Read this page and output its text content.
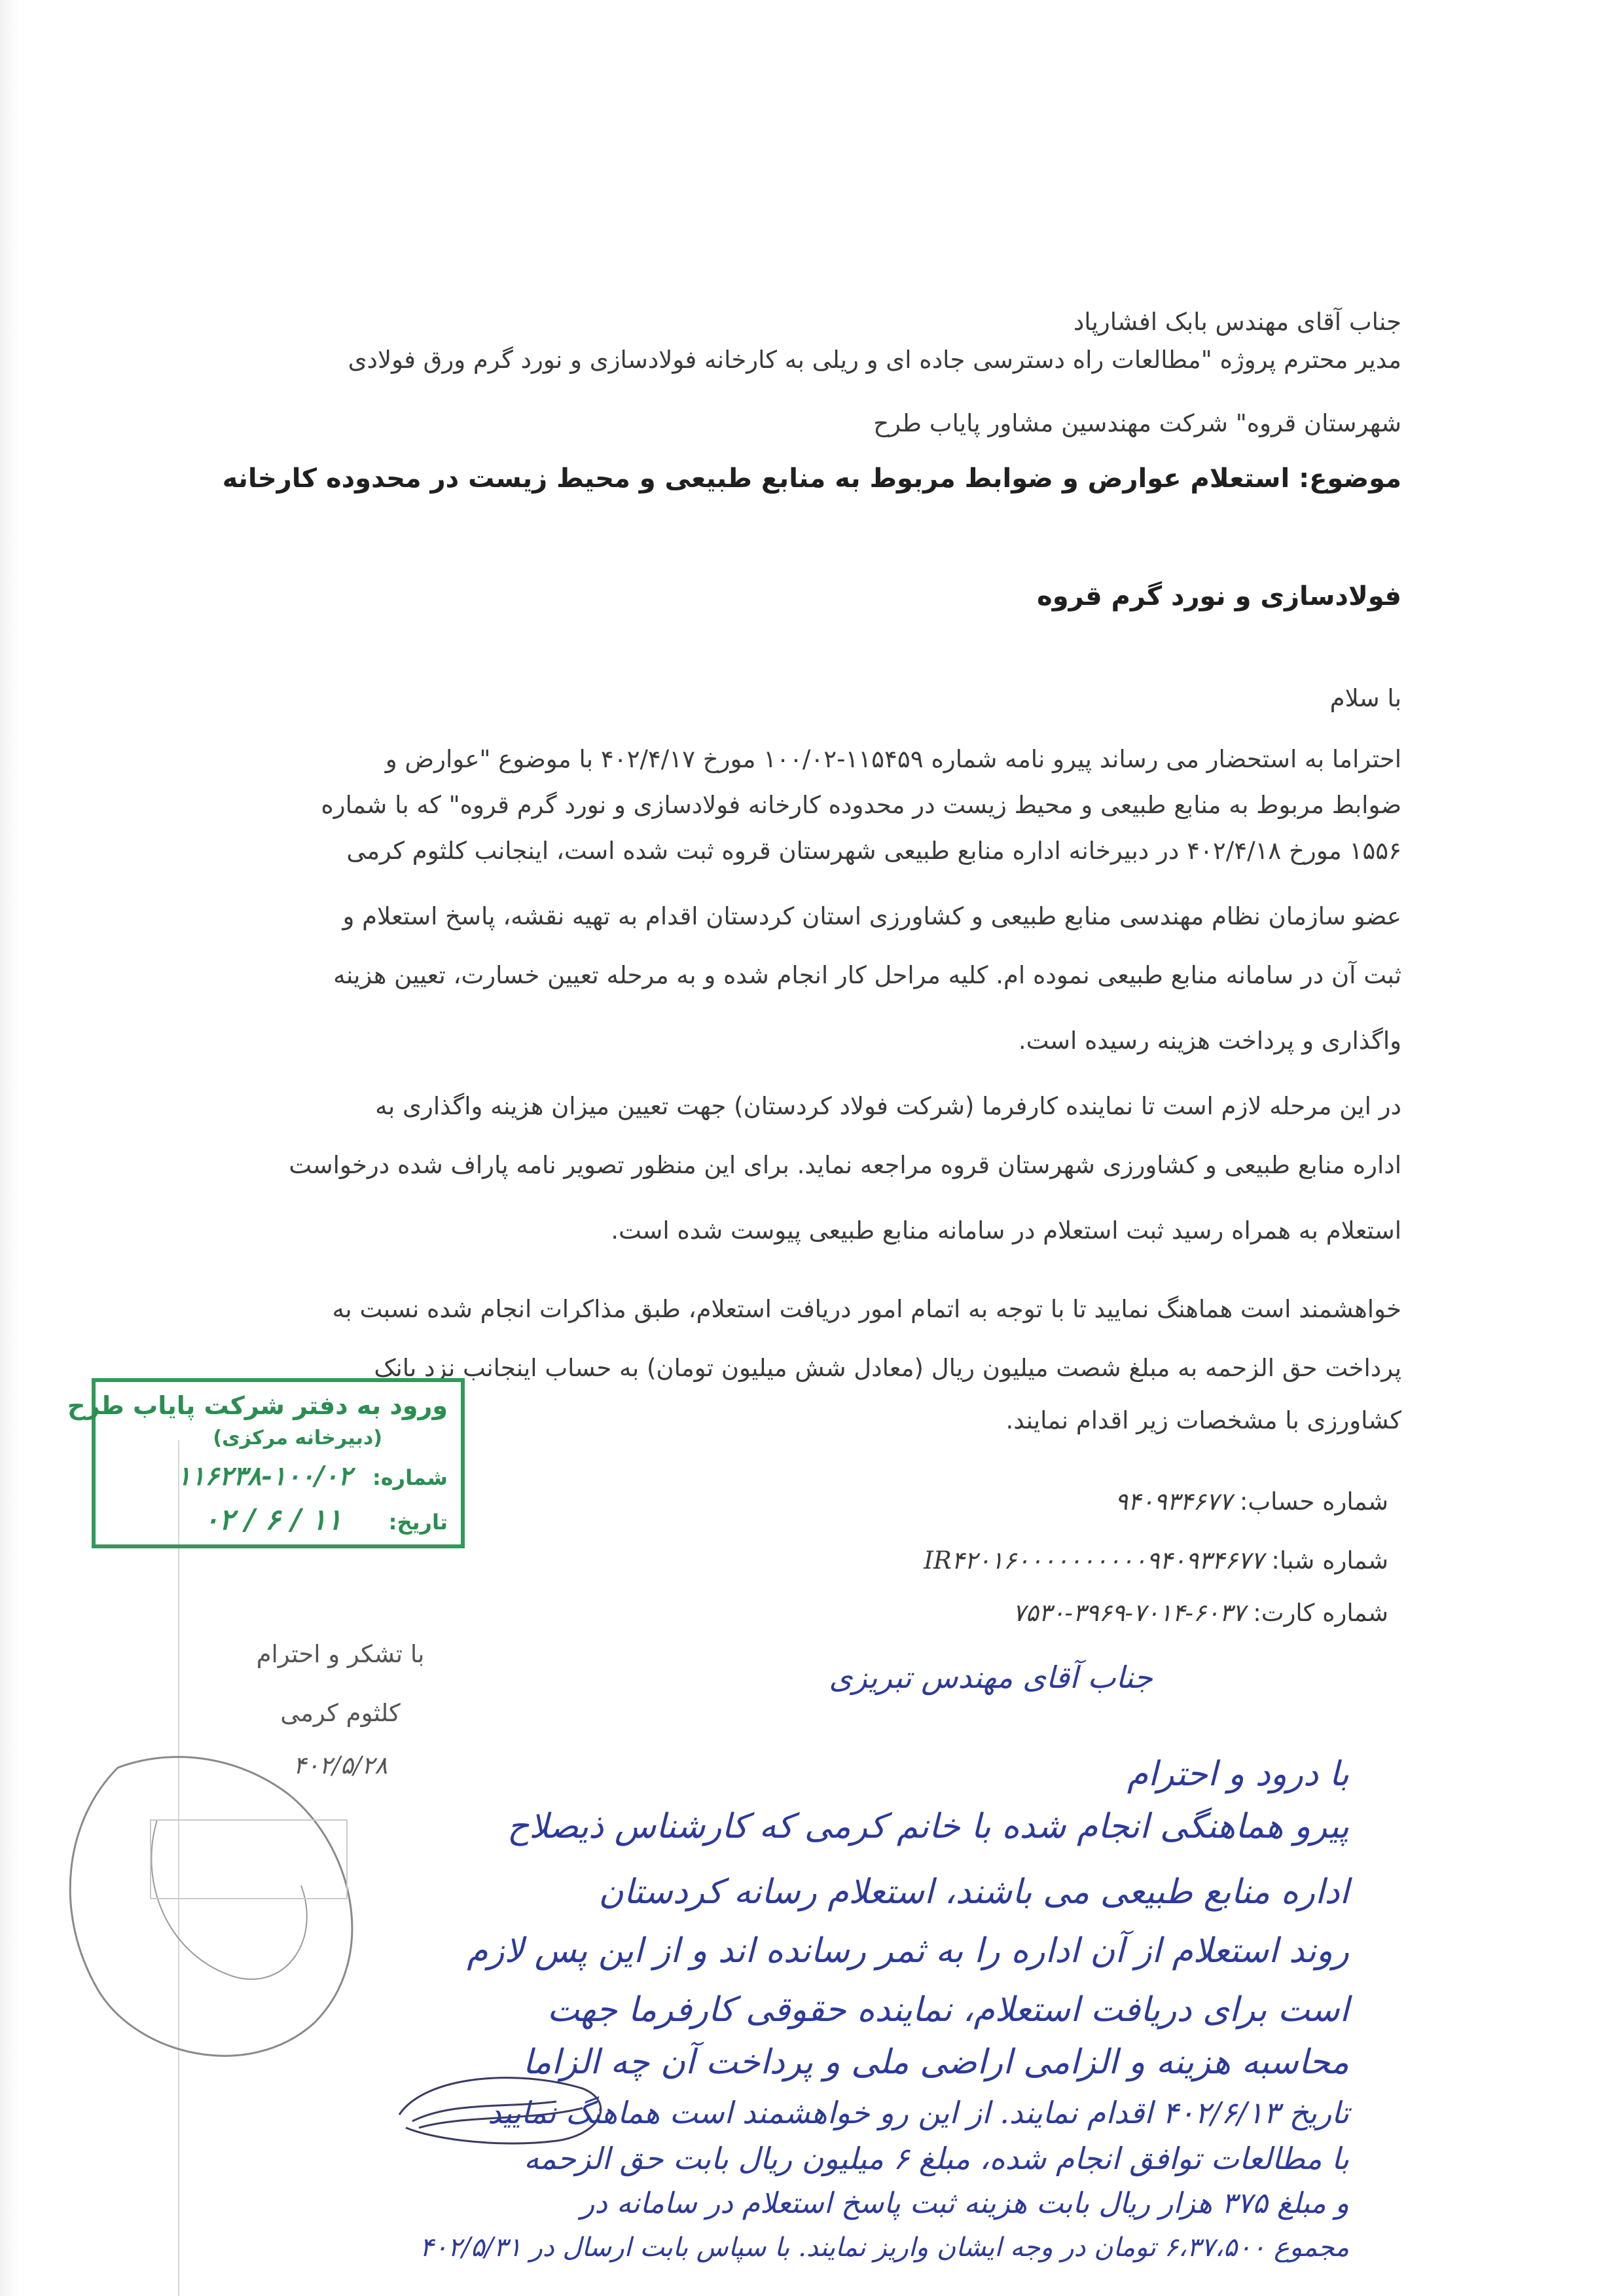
جناب آقای مهندس بابک افشارپاد
مدیر محترم پروژه "مطالعات راه دسترسی جاده ای و ریلی به کارخانه فولادسازی و نورد گرم ورق فولادی
شهرستان قروه" شرکت مهندسین مشاور پایاب طرح
موضوع: استعلام عوارض و ضوابط مربوط به منابع طبیعی و محیط زیست در محدوده کارخانه
فولادسازی و نورد گرم قروه
با سلام
احتراما به استحضار می رساند پیرو نامه شماره ۱۱۵۴۵۹-۱۰۰/۰۲ مورخ ۴۰۲/۴/۱۷ با موضوع "عوارض و
ضوابط مربوط به منابع طبیعی و محیط زیست در محدوده کارخانه فولادسازی و نورد گرم قروه" که با شماره
۱۵۵۶ مورخ ۴۰۲/۴/۱۸ در دبیرخانه اداره منابع طبیعی شهرستان قروه ثبت شده است، اینجانب کلثوم کرمی
عضو سازمان نظام مهندسی منابع طبیعی و کشاورزی استان کردستان اقدام به تهیه نقشه، پاسخ استعلام و
ثبت آن در سامانه منابع طبیعی نموده ام. کلیه مراحل کار انجام شده و به مرحله تعیین خسارت، تعیین هزینه
واگذاری و پرداخت هزینه رسیده است.
در این مرحله لازم است تا نماینده کارفرما (شرکت فولاد کردستان) جهت تعیین میزان هزینه واگذاری به
اداره منابع طبیعی و کشاورزی شهرستان قروه مراجعه نماید. برای این منظور تصویر نامه پاراف شده درخواست
استعلام به همراه رسید ثبت استعلام در سامانه منابع طبیعی پیوست شده است.
خواهشمند است هماهنگ نمایید تا با توجه به اتمام امور دریافت استعلام، طبق مذاکرات انجام شده نسبت به
پرداخت حق الزحمه به مبلغ شصت میلیون ریال (معادل شش میلیون تومان) به حساب اینجانب نزد بانک
کشاورزی با مشخصات زیر اقدام نمایند.
شماره حساب: ۹۴۰۹۳۴۶۷۷
شماره شبا: IR۴۲۰۱۶۰۰۰۰۰۰۰۰۰۰۹۴۰۹۳۴۶۷۷
شماره کارت: ۶۰۳۷-۷۰۱۴-۳۹۶۹-۷۵۳۰
ورود به دفتر شرکت پایاب طرح
(دبیرخانه مرکزی)
شماره: ۱۰۰/۰۲-۱۱۶۲۳۸
تاریخ: ۱۱ / ۶ / ۰۲
با تشکر و احترام
کلثوم کرمی
۴۰۲/۵/۲۸
جناب آقای مهندس تبریزی
با درود و احترام
پیرو هماهنگی انجام شده با خانم کرمی که کارشناس ذیصلاح
اداره منابع طبیعی می باشند، استعلام رسانه کردستان
روند استعلام از آن اداره را به ثمر رسانده اند و از این پس لازم
است برای دریافت استعلام، نماینده حقوقی کارفرما جهت
محاسبه هزینه و الزامی اراضی ملی و پرداخت آن چه الزاما
تاریخ ۴۰۲/۶/۱۳ اقدام نمایند. از این رو خواهشمند است هماهنگ نمایید
با مطالعات توافق انجام شده، مبلغ ۶ میلیون ریال بابت حق الزحمه
و مبلغ ۳۷۵ هزار ریال بابت هزینه ثبت پاسخ استعلام در سامانه در
مجموع ۶،۳۷،۵۰۰ تومان در وجه ایشان واریز نمایند. با سپاس بابت ارسال در ۴۰۲/۵/۳۱
